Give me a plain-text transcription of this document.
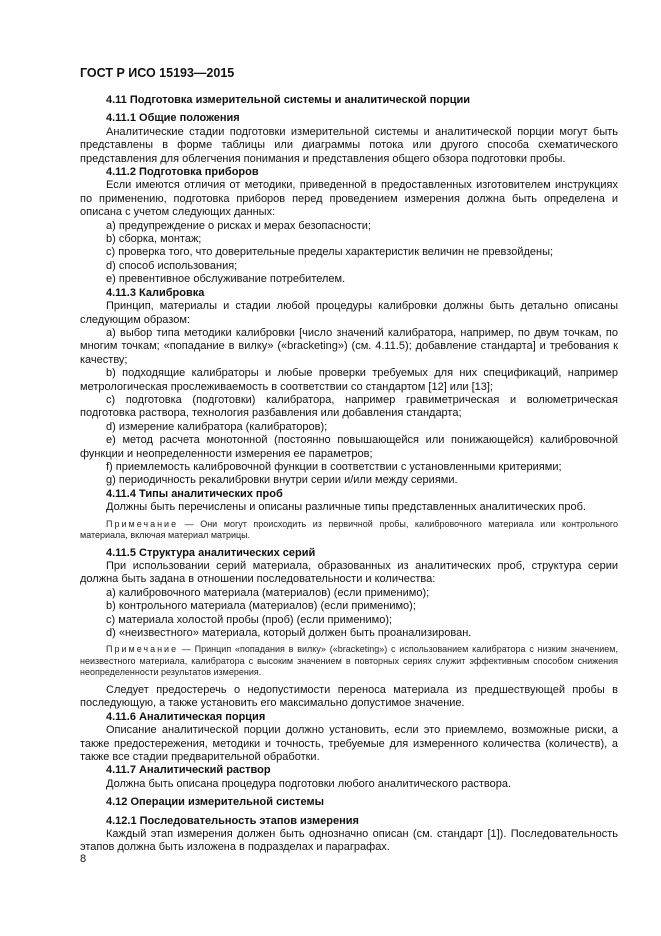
ГОСТ Р ИСО 15193—2015

4.11 Подготовка измерительной системы и аналитической порции

4.11.1 Общие положения

Аналитические стадии подготовки измерительной системы и аналитической порции могут быть представлены в форме таблицы или диаграммы потока или другого способа схематического представления для облегчения понимания и представления общего обзора подготовки пробы.

4.11.2 Подготовка приборов

Если имеются отличия от методики, приведенной в предоставленных изготовителем инструкциях по применению, подготовка приборов перед проведением измерения должна быть определена и описана с учетом следующих данных:

a) предупреждение о рисках и мерах безопасности;

b) сборка, монтаж;

c) проверка того, что доверительные пределы характеристик величин не превзойдены;

d) способ использования;

e) превентивное обслуживание потребителем.

4.11.3 Калибровка

Принцип, материалы и стадии любой процедуры калибровки должны быть детально описаны следующим образом:

a) выбор типа методики калибровки [число значений калибратора, например, по двум точкам, по многим точкам; «попадание в вилку» («bracketing») (см. 4.11.5); добавление стандарта] и требования к качеству;

b) подходящие калибраторы и любые проверки требуемых для них спецификаций, например метрологическая прослеживаемость в соответствии со стандартом [12] или [13];

c) подготовка (подготовки) калибратора, например гравиметрическая и волюметрическая подготовка раствора, технология разбавления или добавления стандарта;

d) измерение калибратора (калибраторов);

e) метод расчета монотонной (постоянно повышающейся или понижающейся) калибровочной функции и неопределенности измерения ее параметров;

f) приемлемость калибровочной функции в соответствии с установленными критериями;

g) периодичность рекалибровки внутри серии и/или между сериями.

4.11.4 Типы аналитических проб

Должны быть перечислены и описаны различные типы представленных аналитических проб.

Примечание — Они могут происходить из первичной пробы, калибровочного материала или контрольного материала, включая материал матрицы.

4.11.5 Структура аналитических серий

При использовании серий материала, образованных из аналитических проб, структура серии должна быть задана в отношении последовательности и количества:

a) калибровочного материала (материалов) (если применимо);

b) контрольного материала (материалов) (если применимо);

c) материала холостой пробы (проб) (если применимо);

d) «неизвестного» материала, который должен быть проанализирован.

Примечание — Принцип «попадания в вилку» («bracketing») с использованием калибратора с низким значением, неизвестного материала, калибратора с высоким значением в повторных сериях служит эффективным способом снижения неопределенности результатов измерения.

Следует предостеречь о недопустимости переноса материала из предшествующей пробы в последующую, а также установить его максимально допустимое значение.

4.11.6 Аналитическая порция

Описание аналитической порции должно установить, если это приемлемо, возможные риски, а также предостережения, методики и точность, требуемые для измеренного количества (количеств), а также все стадии предварительной обработки.

4.11.7 Аналитический раствор

Должна быть описана процедура подготовки любого аналитического раствора.

4.12 Операции измерительной системы

4.12.1 Последовательность этапов измерения

Каждый этап измерения должен быть однозначно описан (см. стандарт [1]). Последовательность этапов должна быть изложена в подразделах и параграфах.

8
